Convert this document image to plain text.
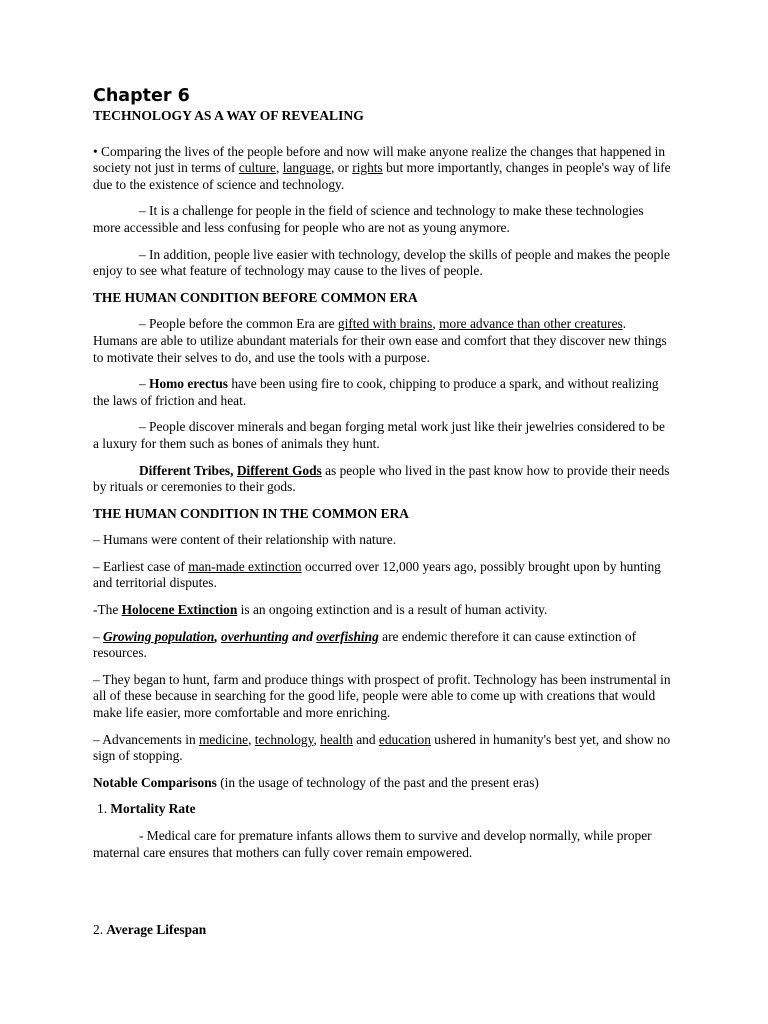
Chapter 6
TECHNOLOGY AS A WAY OF REVEALING

• Comparing the lives of the people before and now will make anyone realize the changes that happened in society not just in terms of culture, language, or rights but more importantly, changes in people's way of life due to the existence of science and technology.

– It is a challenge for people in the field of science and technology to make these technologies more accessible and less confusing for people who are not as young anymore.

– In addition, people live easier with technology, develop the skills of people and makes the people enjoy to see what feature of technology may cause to the lives of people.

THE HUMAN CONDITION BEFORE COMMON ERA

– People before the common Era are gifted with brains, more advance than other creatures. Humans are able to utilize abundant materials for their own ease and comfort that they discover new things to motivate their selves to do, and use the tools with a purpose.

– Homo erectus have been using fire to cook, chipping to produce a spark, and without realizing the laws of friction and heat.

– People discover minerals and began forging metal work just like their jewelries considered to be a luxury for them such as bones of animals they hunt.

Different Tribes, Different Gods as people who lived in the past know how to provide their needs by rituals or ceremonies to their gods.

THE HUMAN CONDITION IN THE COMMON ERA

– Humans were content of their relationship with nature.

– Earliest case of man-made extinction occurred over 12,000 years ago, possibly brought upon by hunting and territorial disputes.

-The Holocene Extinction is an ongoing extinction and is a result of human activity.

– Growing population, overhunting and overfishing are endemic therefore it can cause extinction of resources.

– They began to hunt, farm and produce things with prospect of profit. Technology has been instrumental in all of these because in searching for the good life, people were able to come up with creations that would make life easier, more comfortable and more enriching.

– Advancements in medicine, technology, health and education ushered in humanity's best yet, and show no sign of stopping.

Notable Comparisons (in the usage of technology of the past and the present eras)

1. Mortality Rate

- Medical care for premature infants allows them to survive and develop normally, while proper maternal care ensures that mothers can fully cover remain empowered.

2. Average Lifespan
